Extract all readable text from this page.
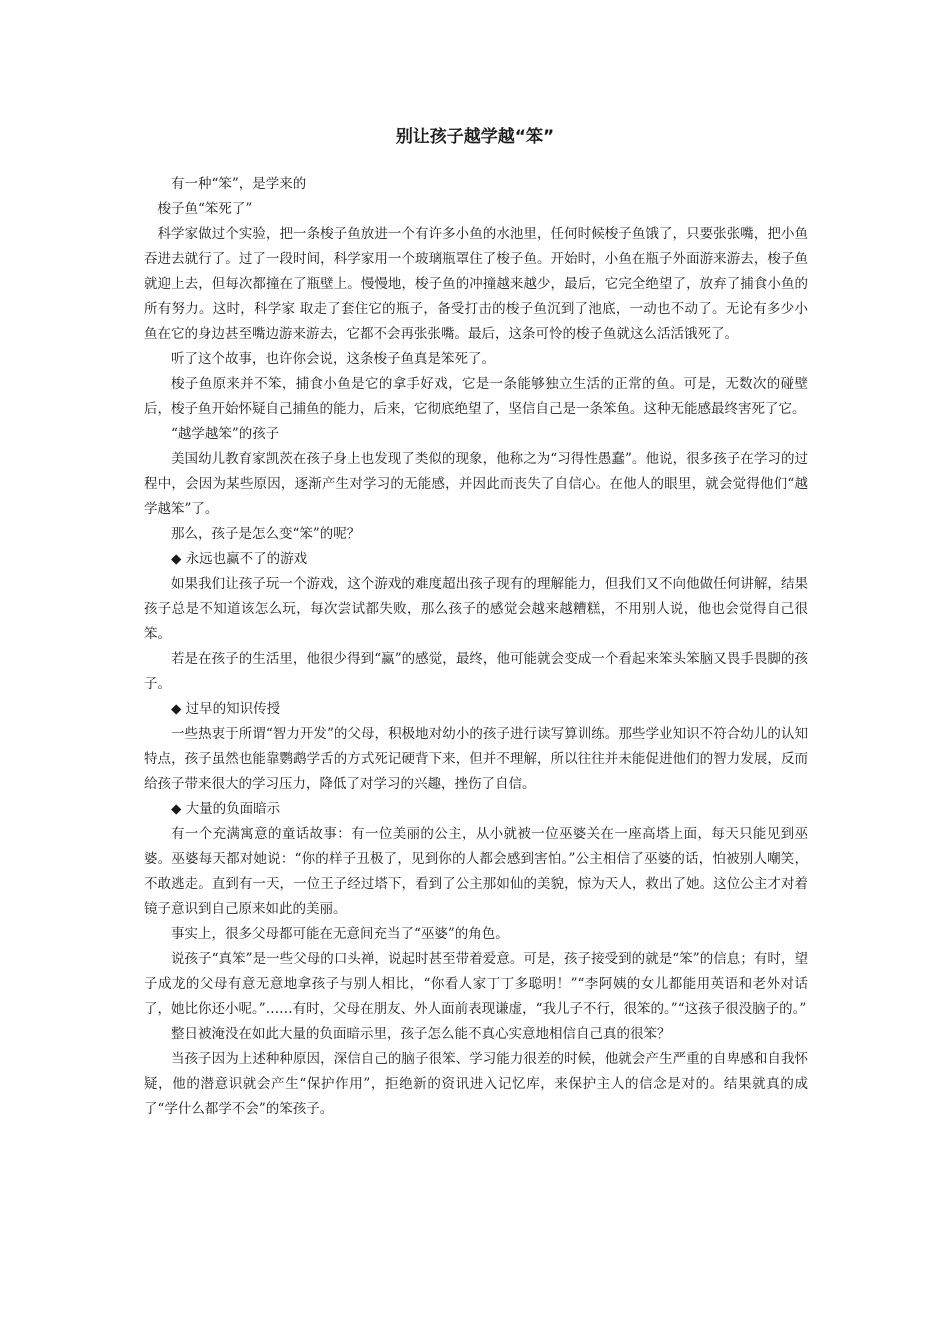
别让孩子越学越“笨”

有一种“笨”，是学来的

梭子鱼“笨死了”

科学家做过个实验，把一条梭子鱼放进一个有许多小鱼的水池里，任何时候梭子鱼饿了，只要张张嘴，把小鱼吞进去就行了。过了一段时间，科学家用一个玻璃瓶罩住了梭子鱼。开始时，小鱼在瓶子外面游来游去，梭子鱼就迎上去，但每次都撞在了瓶壁上。慢慢地，梭子鱼的冲撞越来越少，最后，它完全绝望了，放弃了捕食小鱼的所有努力。这时，科学家 取走了套住它的瓶子，备受打击的梭子鱼沉到了池底，一动也不动了。无论有多少小鱼在它的身边甚至嘴边游来游去，它都不会再张张嘴。最后，这条可怜的梭子鱼就这么活活饿死了。

听了这个故事，也许你会说，这条梭子鱼真是笨死了。

梭子鱼原来并不笨，捕食小鱼是它的拿手好戏，它是一条能够独立生活的正常的鱼。可是，无数次的碰壁后，梭子鱼开始怀疑自己捕鱼的能力，后来，它彻底绝望了，坚信自己是一条笨鱼。这种无能感最终害死了它。

“越学越笨”的孩子

美国幼儿教育家凯茨在孩子身上也发现了类似的现象，他称之为“习得性愚蠢”。他说，很多孩子在学习的过程中，会因为某些原因，逐渐产生对学习的无能感，并因此而丧失了自信心。在他人的眼里，就会觉得他们“越学越笨”了。

那么，孩子是怎么变“笨”的呢？

◆ 永远也赢不了的游戏

如果我们让孩子玩一个游戏，这个游戏的难度超出孩子现有的理解能力，但我们又不向他做任何讲解，结果孩子总是不知道该怎么玩，每次尝试都失败，那么孩子的感觉会越来越糟糕，不用别人说，他也会觉得自己很笨。

若是在孩子的生活里，他很少得到“赢”的感觉，最终，他可能就会变成一个看起来笨头笨脑又畏手畏脚的孩子。

◆ 过早的知识传授

一些热衷于所谓“智力开发”的父母，积极地对幼小的孩子进行读写算训练。那些学业知识不符合幼儿的认知特点，孩子虽然也能靠鹦鹉学舌的方式死记硬背下来，但并不理解，所以往往并未能促进他们的智力发展，反而给孩子带来很大的学习压力，降低了对学习的兴趣，挫伤了自信。

◆ 大量的负面暗示

有一个充满寓意的童话故事：有一位美丽的公主，从小就被一位巫婆关在一座高塔上面，每天只能见到巫婆。巫婆每天都对她说：“你的样子丑极了，见到你的人都会感到害怕。”公主相信了巫婆的话，怕被别人嘲笑，不敢逃走。直到有一天，一位王子经过塔下，看到了公主那如仙的美貌，惊为天人，救出了她。这位公主才对着镜子意识到自己原来如此的美丽。

事实上，很多父母都可能在无意间充当了“巫婆”的角色。

说孩子“真笨”是一些父母的口头禅，说起时甚至带着爱意。可是，孩子接受到的就是“笨”的信息；有时，望子成龙的父母有意无意地拿孩子与别人相比，“你看人家丁丁多聪明！”“李阿姨的女儿都能用英语和老外对话了，她比你还小呢。”……有时，父母在朋友、外人面前表现谦虚，“我儿子不行，很笨的。”“这孩子很没脑子的。”

整日被淹没在如此大量的负面暗示里，孩子怎么能不真心实意地相信自己真的很笨？

当孩子因为上述种种原因，深信自己的脑子很笨、学习能力很差的时候，他就会产生严重的自卑感和自我怀疑，他的潜意识就会产生“保护作用”，拒绝新的资讯进入记忆库，来保护主人的信念是对的。结果就真的成了“学什么都学不会”的笨孩子。
